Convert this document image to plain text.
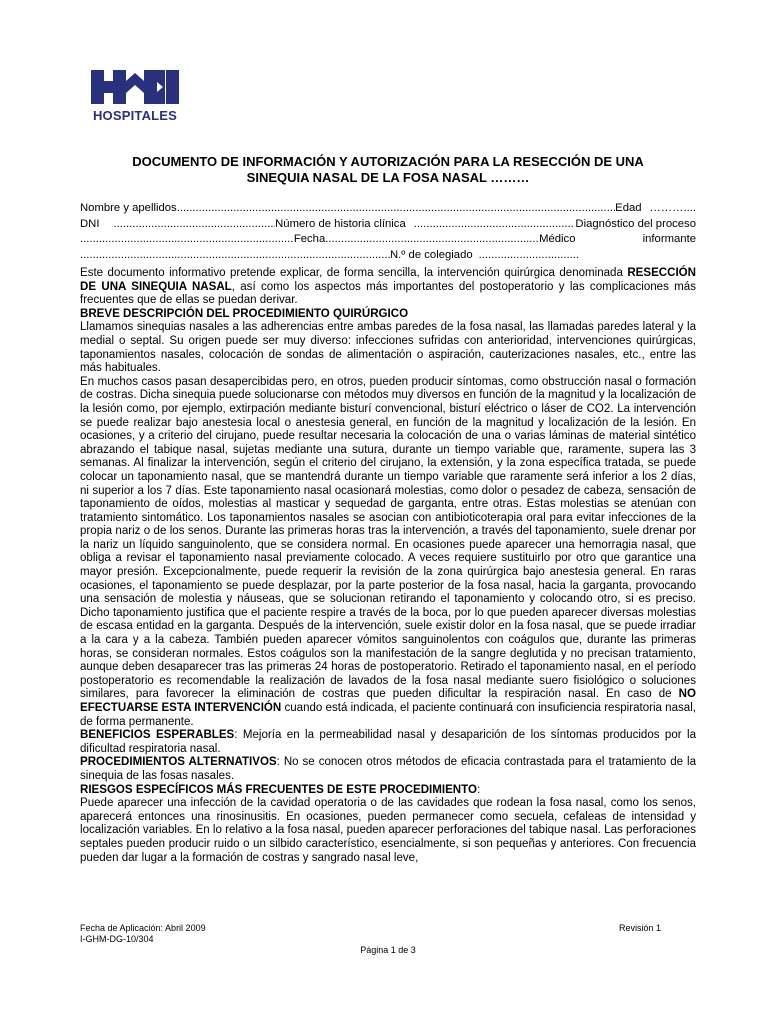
HOSPITALES
DOCUMENTO DE INFORMACIÓN Y AUTORIZACIÓN PARA LA RESECCIÓN DE UNA
SINEQUIA NASAL DE LA FOSA NASAL ………
Nombre y apellidos .....	Edad ………....
DNI .....	Número de historia clínica .....	Diagnóstico del proceso
.....
Fecha .....	Médico informante
.....
N.º de colegiado ................................

Este documento informativo pretende explicar, de forma sencilla, la intervención quirúrgica denominada RESECCIÓN DE UNA SINEQUIA NASAL, así como los aspectos más importantes del postoperatorio y las complicaciones más frecuentes que de ellas se puedan derivar.

BREVE DESCRIPCIÓN DEL PROCEDIMIENTO QUIRÚRGICO

Llamamos sinequias nasales a las adherencias entre ambas paredes de la fosa nasal, las llamadas paredes lateral y la medial o septal. Su origen puede ser muy diverso: infecciones sufridas con anterioridad, intervenciones quirúrgicas, taponamientos nasales, colocación de sondas de alimentación o aspiración, cauterizaciones nasales, etc., entre las más habituales.

En muchos casos pasan desapercibidas pero, en otros, pueden producir síntomas, como obstrucción nasal o formación de costras. Dicha sinequia puede solucionarse con métodos muy diversos en función de la magnitud y la localización de la lesión como, por ejemplo, extirpación mediante bisturí convencional, bisturí eléctrico o láser de CO2. La intervención se puede realizar bajo anestesia local o anestesia general, en función de la magnitud y localización de la lesión. En ocasiones, y a criterio del cirujano, puede resultar necesaria la colocación de una o varias láminas de material sintético abrazando el tabique nasal, sujetas mediante una sutura, durante un tiempo variable que, raramente, supera las 3 semanas. Al finalizar la intervención, según el criterio del cirujano, la extensión, y la zona específica tratada, se puede colocar un taponamiento nasal, que se mantendrá durante un tiempo variable que raramente será inferior a los 2 días, ni superior a los 7 días. Este taponamiento nasal ocasionará molestias, como dolor o pesadez de cabeza, sensación de taponamiento de oídos, molestias al masticar y sequedad de garganta, entre otras. Estas molestias se atenúan con tratamiento sintomático. Los taponamientos nasales se asocian con antibioticoterapia oral para evitar infecciones de la propia nariz o de los senos. Durante las primeras horas tras la intervención, a través del taponamiento, suele drenar por la nariz un líquido sanguinolento, que se considera normal. En ocasiones puede aparecer una hemorragia nasal, que obliga a revisar el taponamiento nasal previamente colocado. A veces requiere sustituirlo por otro que garantice una mayor presión. Excepcionalmente, puede requerir la revisión de la zona quirúrgica bajo anestesia general. En raras ocasiones, el taponamiento se puede desplazar, por la parte posterior de la fosa nasal, hacia la garganta, provocando una sensación de molestia y náuseas, que se solucionan retirando el taponamiento y colocando otro, si es preciso. Dicho taponamiento justifica que el paciente respire a través de la boca, por lo que pueden aparecer diversas molestias de escasa entidad en la garganta. Después de la intervención, suele existir dolor en la fosa nasal, que se puede irradiar a la cara y a la cabeza. También pueden aparecer vómitos sanguinolentos con coágulos que, durante las primeras horas, se consideran normales. Estos coágulos son la manifestación de la sangre deglutida y no precisan tratamiento, aunque deben desaparecer tras las primeras 24 horas de postoperatorio. Retirado el taponamiento nasal, en el período postoperatorio es recomendable la realización de lavados de la fosa nasal mediante suero fisiológico o soluciones similares, para favorecer la eliminación de costras que pueden dificultar la respiración nasal. En caso de NO EFECTUARSE ESTA INTERVENCIÓN cuando está indicada, el paciente continuará con insuficiencia respiratoria nasal, de forma permanente.

BENEFICIOS ESPERABLES: Mejoría en la permeabilidad nasal y desaparición de los síntomas producidos por la dificultad respiratoria nasal.

PROCEDIMIENTOS ALTERNATIVOS: No se conocen otros métodos de eficacia contrastada para el tratamiento de la sinequia de las fosas nasales.

RIESGOS ESPECÍFICOS MÁS FRECUENTES DE ESTE PROCEDIMIENTO:

Puede aparecer una infección de la cavidad operatoria o de las cavidades que rodean la fosa nasal, como los senos, aparecerá entonces una rinosinusitis. En ocasiones, pueden permanecer como secuela, cefaleas de intensidad y localización variables. En lo relativo a la fosa nasal, pueden aparecer perforaciones del tabique nasal. Las perforaciones septales pueden producir ruido o un silbido característico, esencialmente, si son pequeñas y anteriores. Con frecuencia pueden dar lugar a la formación de costras y sangrado nasal leve,

Fecha de Aplicación: Abril 2009	Revisión 1
I-GHM-DG-10/304
Página 1 de 3
